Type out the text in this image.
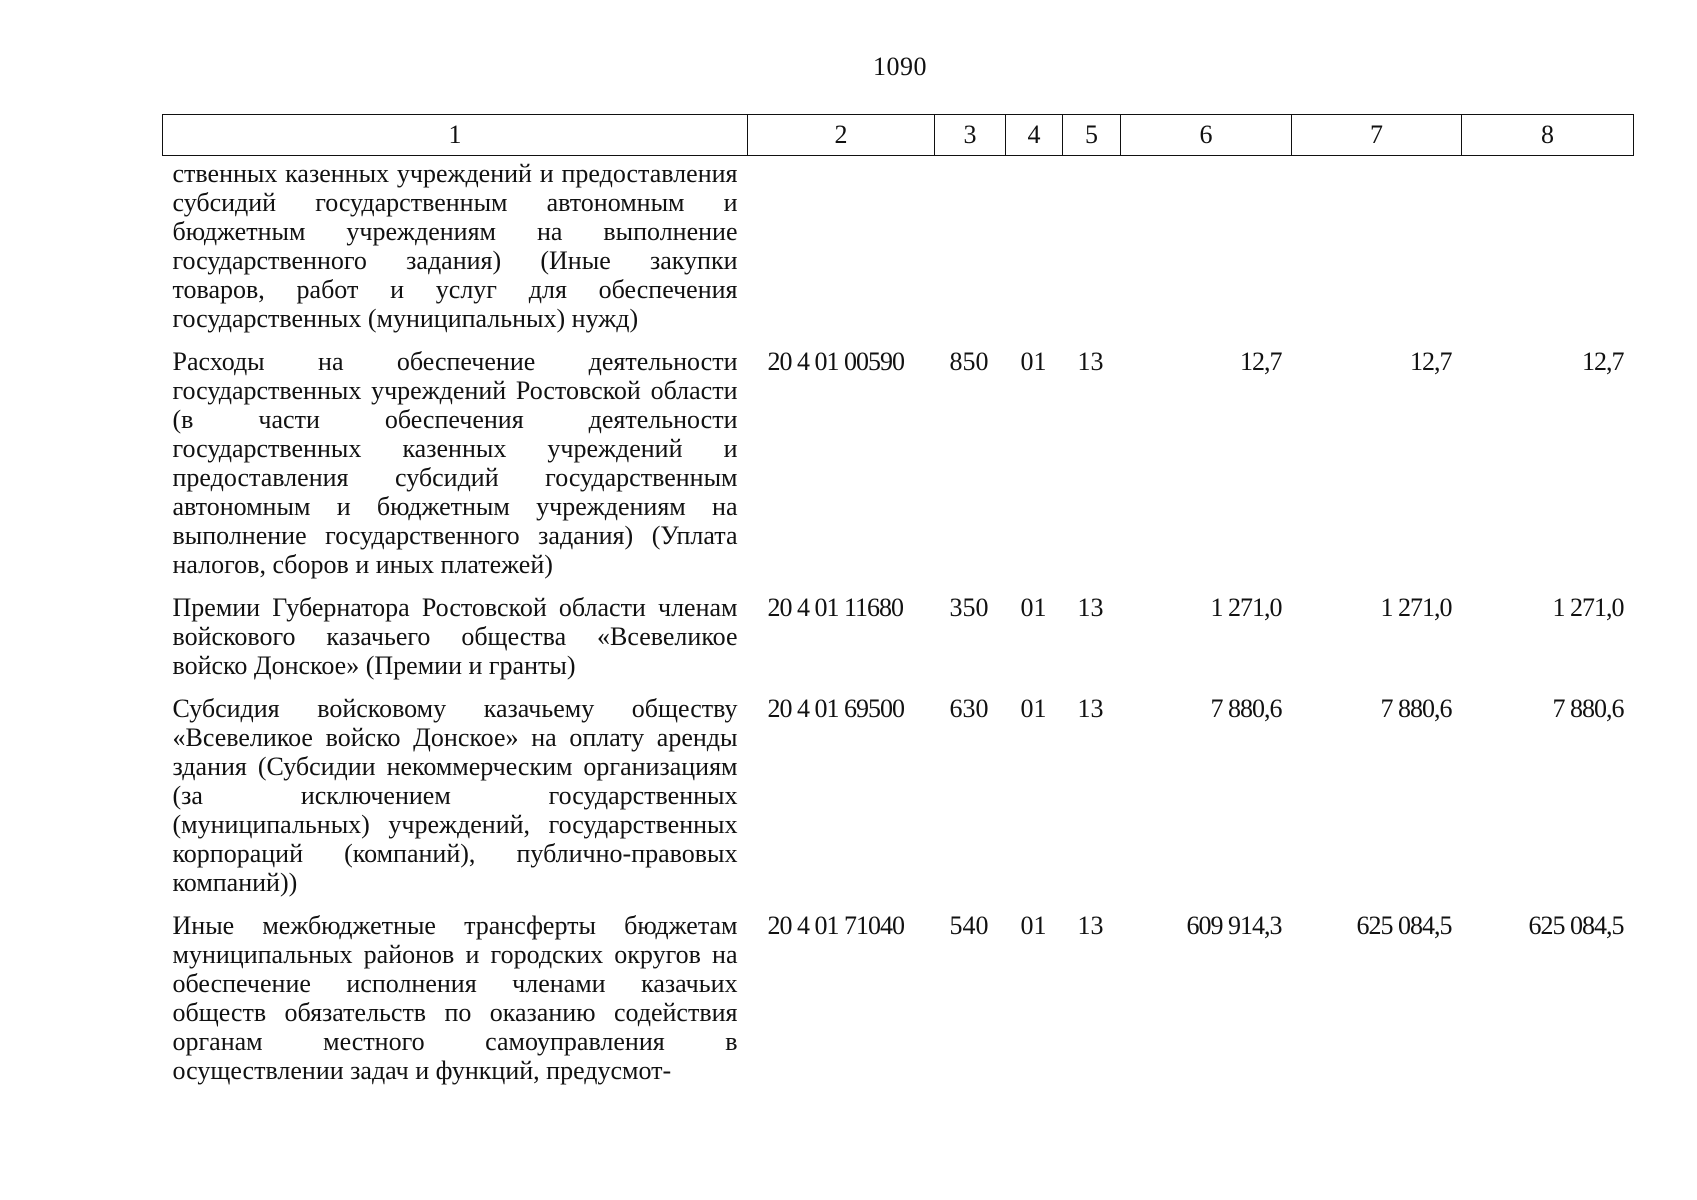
1090
1	2	3	4	5	6	7	8
ственных казенных учреждений и предоставления субсидий государственным автономным и бюджетным учреждениям на выполнение государственного задания) (Иные закупки товаров, работ и услуг для обеспечения государственных (муниципальных) нужд)							
Расходы на обеспечение деятельности государственных учреждений Ростовской области (в части обеспечения деятельности государственных казенных учреждений и предоставления субсидий государственным автономным и бюджетным учреждениям на выполнение государственного задания) (Уплата налогов, сборов и иных платежей)	20 4 01 00590	850	01	13	12,7	12,7	12,7
Премии Губернатора Ростовской области членам войскового казачьего общества «Всевеликое войско Донское» (Премии и гранты)	20 4 01 11680	350	01	13	1 271,0	1 271,0	1 271,0
Субсидия войсковому казачьему обществу «Всевеликое войско Донское» на оплату аренды здания (Субсидии некоммерческим организациям (за исключением государственных (муниципальных) учреждений, государственных корпораций (компаний), публично-правовых компаний))	20 4 01 69500	630	01	13	7 880,6	7 880,6	7 880,6
Иные межбюджетные трансферты бюджетам муниципальных районов и городских округов на обеспечение исполнения членами казачьих обществ обязательств по оказанию содействия органам местного самоуправления в осуществлении задач и функций, предусмот-	20 4 01 71040	540	01	13	609 914,3	625 084,5	625 084,5
